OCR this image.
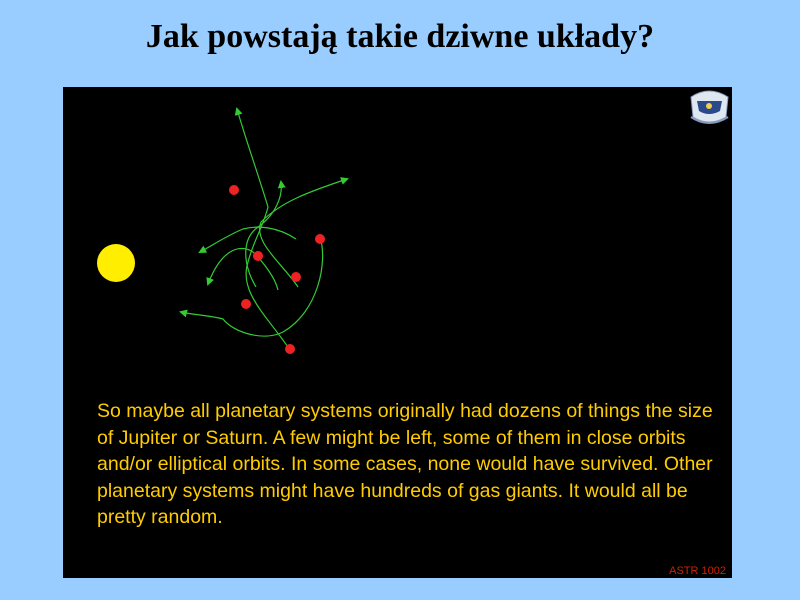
Jak powstają takie dziwne układy?

So maybe all planetary systems originally had dozens of things the size of Jupiter or Saturn. A few might be left, some of them in close orbits and/or elliptical orbits. In some cases, none would have survived. Other planetary systems might have hundreds of gas giants. It would all be pretty random.

ASTR 1002
